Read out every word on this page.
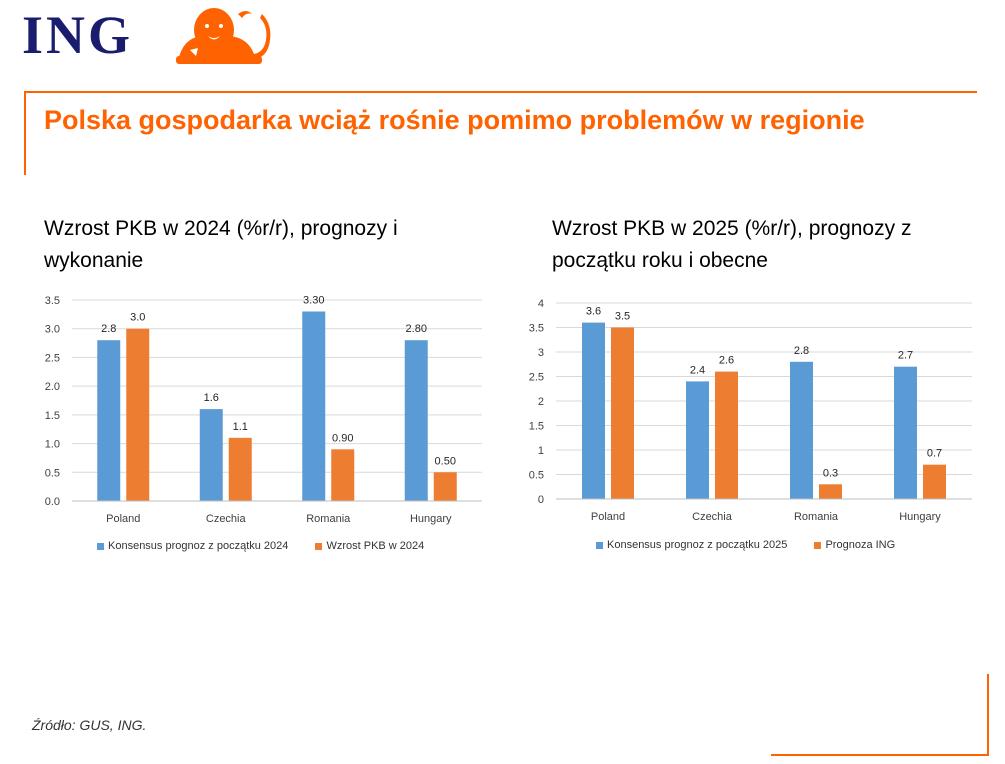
ING
Polska gospodarka wciąż rośnie pomimo problemów w regionie
Wzrost PKB w 2024 (%r/r), prognozy i wykonanie
Wzrost PKB w 2025 (%r/r), prognozy z początku roku i obecne
0.0
0.5
1.0
1.5
2.0
2.5
3.0
3.5
Poland
2.8
3.0
Czechia
1.6
1.1
Romania
3.30
0.90
Hungary
2.80
0.50
0
0.5
1
1.5
2
2.5
3
3.5
4
Poland
3.6 3.5
Czechia
2.4
2.6
Romania
2.8
0.3
Hungary
2.7
0.7
Konsensus prognoz z początku 2024	Wzrost PKB w 2024	Konsensus prognoz z początku 2025	Prognoza ING
Źródło: GUS, ING.
